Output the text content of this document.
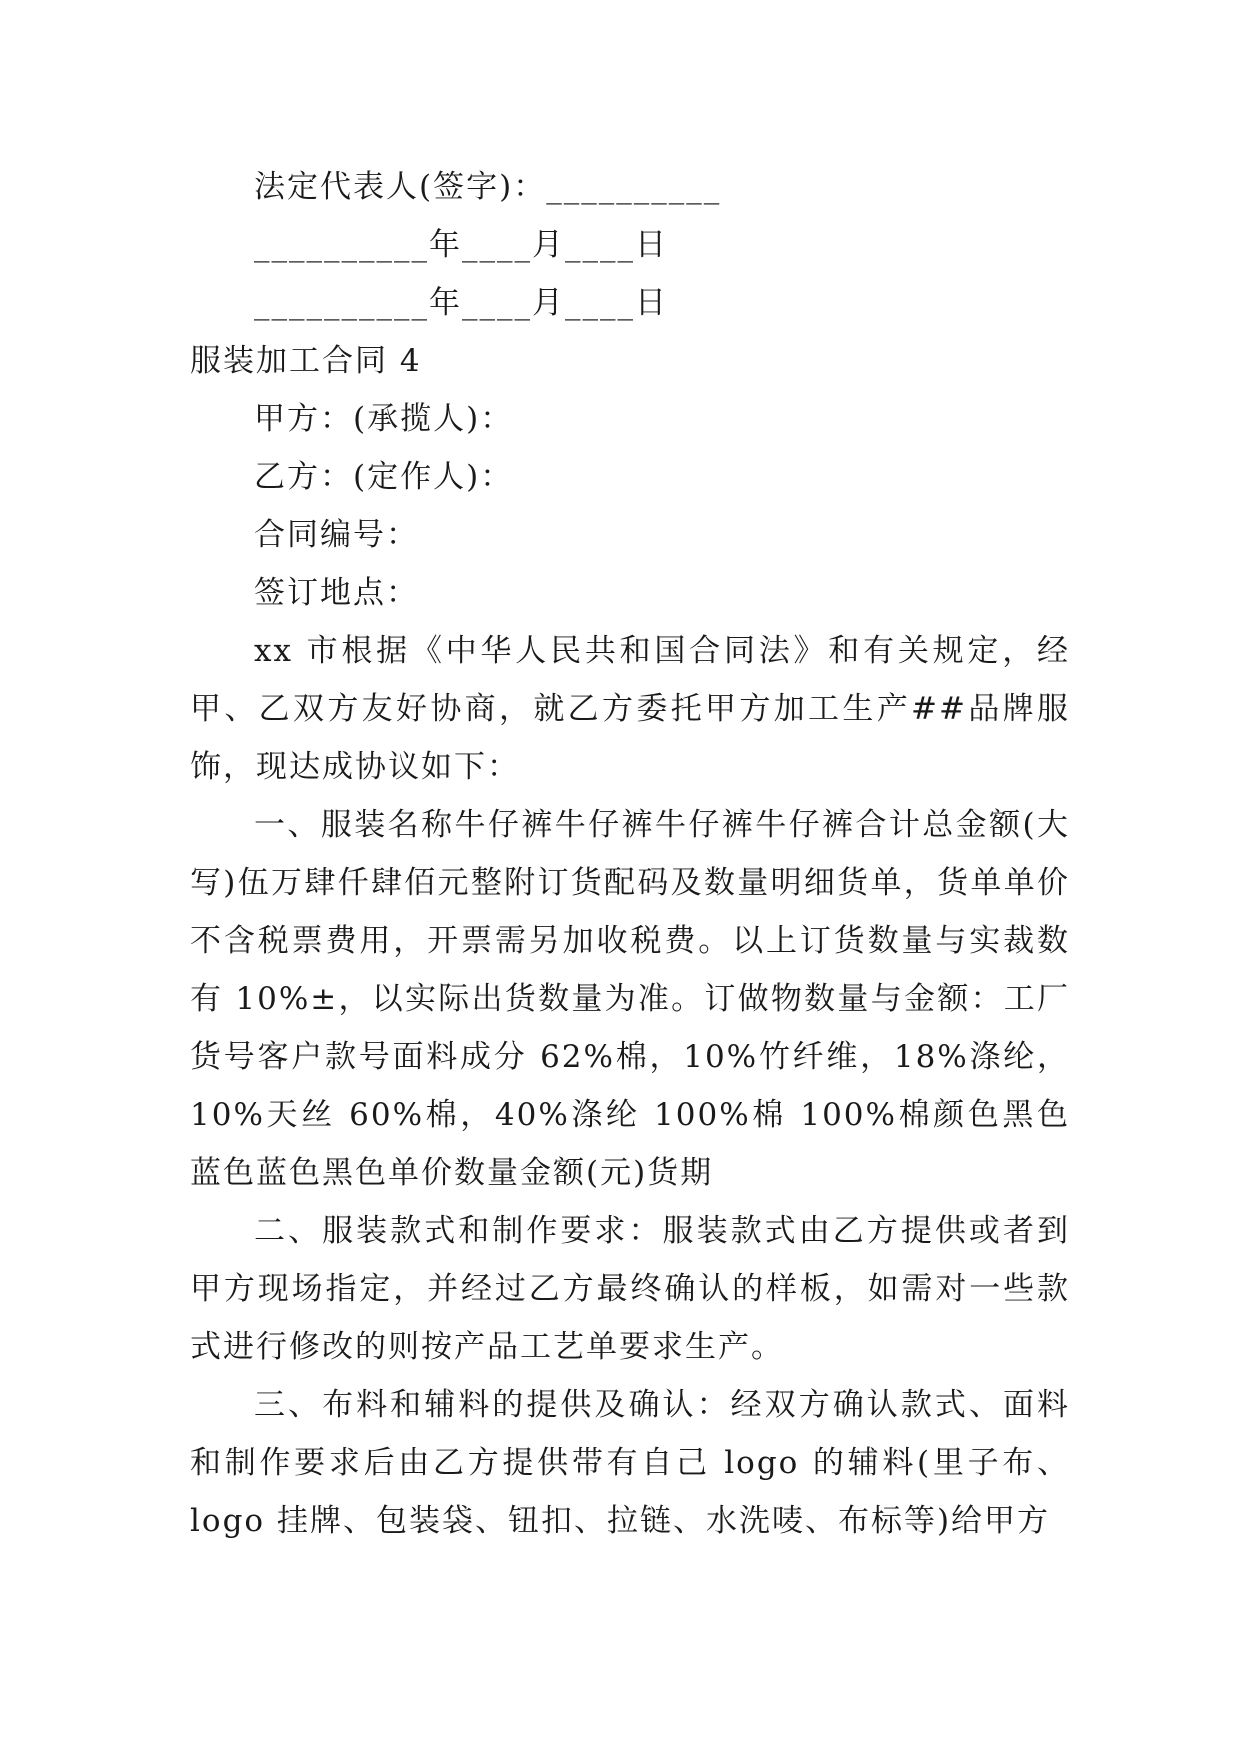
法定代表人(签字)：__________

__________年____月____日

__________年____月____日

服装加工合同 4

甲方：(承揽人)：

乙方：(定作人)：

合同编号：

签订地点：

xx 市根据《中华人民共和国合同法》和有关规定，经甲、乙双方友好协商，就乙方委托甲方加工生产##品牌服饰，现达成协议如下：

一、服装名称牛仔裤牛仔裤牛仔裤牛仔裤合计总金额(大写)伍万肆仟肆佰元整附订货配码及数量明细货单，货单单价不含税票费用，开票需另加收税费。以上订货数量与实裁数有 10%±，以实际出货数量为准。订做物数量与金额：工厂货号客户款号面料成分 62%棉，10%竹纤维，18%涤纶，10%天丝 60%棉，40%涤纶 100%棉 100%棉颜色黑色蓝色蓝色黑色单价数量金额(元)货期

二、服装款式和制作要求：服装款式由乙方提供或者到甲方现场指定，并经过乙方最终确认的样板，如需对一些款式进行修改的则按产品工艺单要求生产。

三、布料和辅料的提供及确认：经双方确认款式、面料和制作要求后由乙方提供带有自己 logo 的辅料(里子布、logo 挂牌、包装袋、钮扣、拉链、水洗唛、布标等)给甲方
